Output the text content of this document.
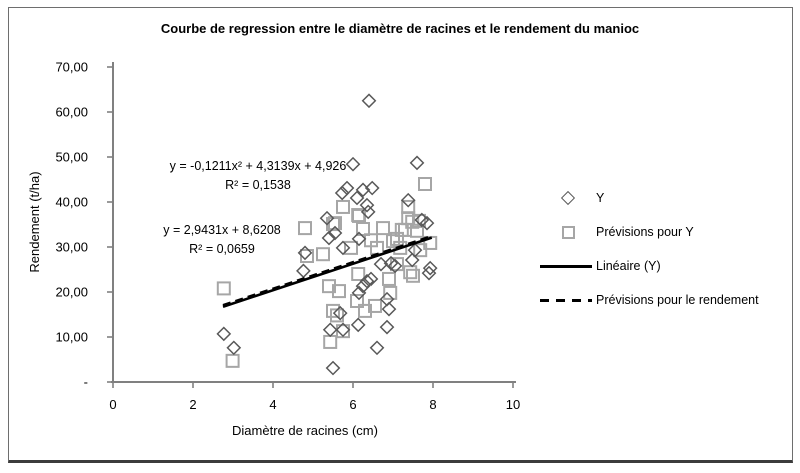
Courbe de regression entre le diamètre de racines et le rendement du manioc
-
10,00
20,00
30,00
40,00
50,00
60,00
70,00
0	2	4	6	8	10
y = -0,1211x² + 4,3139x + 4,926
R² = 0,1538
y = 2,9431x + 8,6208
R² = 0,0659
Rendement (t/ha)
Diamètre de racines (cm)
Y
Prévisions pour Y
Linéaire (Y)
Prévisions pour le rendement
